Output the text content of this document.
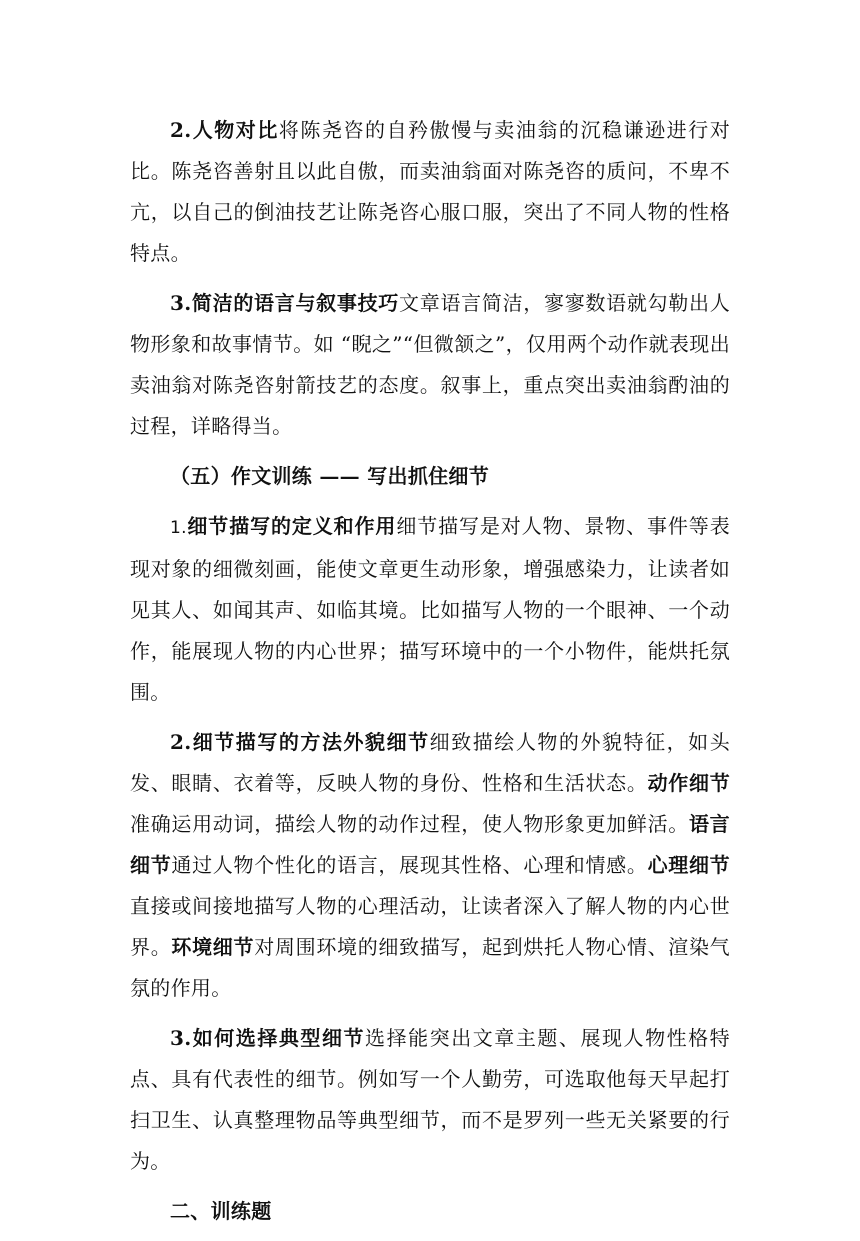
2.人物对比将陈尧咨的自矜傲慢与卖油翁的沉稳谦逊进行对比。陈尧咨善射且以此自傲，而卖油翁面对陈尧咨的质问，不卑不亢，以自己的倒油技艺让陈尧咨心服口服，突出了不同人物的性格特点。

3.简洁的语言与叙事技巧文章语言简洁，寥寥数语就勾勒出人物形象和故事情节。如 “睨之”“但微颔之”，仅用两个动作就表现出卖油翁对陈尧咨射箭技艺的态度。叙事上，重点突出卖油翁酌油的过程，详略得当。

（五）作文训练 —— 写出抓住细节

1.细节描写的定义和作用细节描写是对人物、景物、事件等表现对象的细微刻画，能使文章更生动形象，增强感染力，让读者如见其人、如闻其声、如临其境。比如描写人物的一个眼神、一个动作，能展现人物的内心世界；描写环境中的一个小物件，能烘托氛围。

2.细节描写的方法外貌细节细致描绘人物的外貌特征，如头发、眼睛、衣着等，反映人物的身份、性格和生活状态。动作细节准确运用动词，描绘人物的动作过程，使人物形象更加鲜活。语言细节通过人物个性化的语言，展现其性格、心理和情感。心理细节直接或间接地描写人物的心理活动，让读者深入了解人物的内心世界。环境细节对周围环境的细致描写，起到烘托人物心情、渲染气氛的作用。

3.如何选择典型细节选择能突出文章主题、展现人物性格特点、具有代表性的细节。例如写一个人勤劳，可选取他每天早起打扫卫生、认真整理物品等典型细节，而不是罗列一些无关紧要的行为。

二、训练题
